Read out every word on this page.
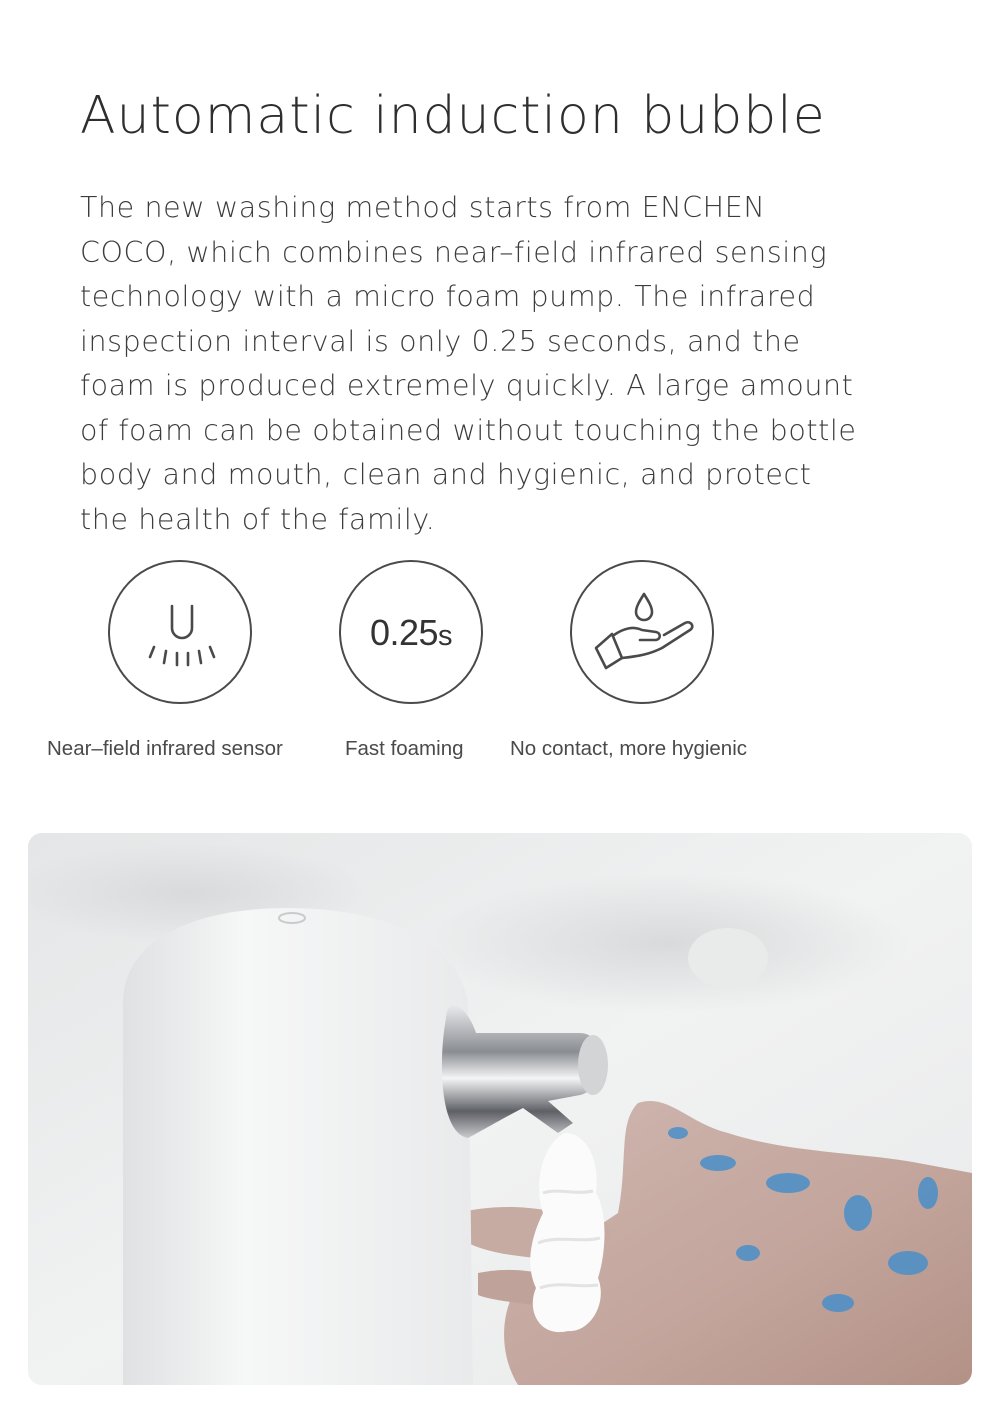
Automatic induction bubble

The new washing method starts from ENCHEN
COCO, which combines near–field infrared sensing
technology with a micro foam pump. The infrared
inspection interval is only 0.25 seconds, and the
foam is produced extremely quickly. A large amount
of foam can be obtained without touching the bottle
body and mouth, clean and hygienic, and protect
the health of the family.

0.25s
Near–field infrared sensor	Fast foaming No contact, more hygienic
